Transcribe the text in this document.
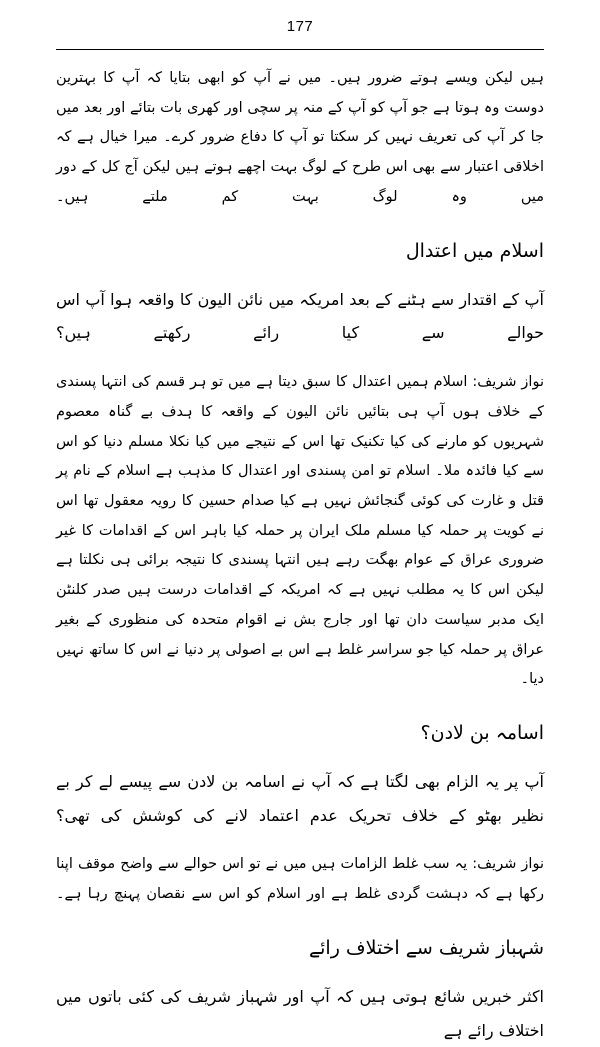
177

ہیں لیکن ویسے ہوتے ضرور ہیں۔ میں نے آپ کو ابھی بتایا کہ آپ کا بہترین دوست وہ ہوتا ہے جو آپ کو آپ کے منہ پر سچی اور کھری بات بتائے اور بعد میں جا کر آپ کی تعریف نہیں کر سکتا تو آپ کا دفاع ضرور کرے۔ میرا خیال ہے کہ اخلاقی اعتبار سے بھی اس طرح کے لوگ بہت اچھے ہوتے ہیں لیکن آج کل کے دور میں وہ لوگ بہت کم ملتے ہیں۔

اسلام میں اعتدال

آپ کے اقتدار سے ہٹنے کے بعد امریکہ میں نائن الیون کا واقعہ ہوا آپ اس حوالے سے کیا رائے رکھتے ہیں؟

نواز شریف: اسلام ہمیں اعتدال کا سبق دیتا ہے میں تو ہر قسم کی انتہا پسندی کے خلاف ہوں آپ ہی بتائیں نائن الیون کے واقعہ کا ہدف بے گناہ معصوم شہریوں کو مارنے کی کیا تکنیک تھا اس کے نتیجے میں کیا نکلا مسلم دنیا کو اس سے کیا فائدہ ملا۔ اسلام تو امن پسندی اور اعتدال کا مذہب ہے اسلام کے نام پر قتل و غارت کی کوئی گنجائش نہیں ہے کیا صدام حسین کا رویہ معقول تھا اس نے کویت پر حملہ کیا مسلم ملک ایران پر حملہ کیا باہر اس کے اقدامات کا غیر ضروری عراق کے عوام بھگت رہے ہیں انتہا پسندی کا نتیجہ برائی ہی نکلتا ہے لیکن اس کا یہ مطلب نہیں ہے کہ امریکہ کے اقدامات درست ہیں صدر کلنٹن ایک مدبر سیاست دان تھا اور جارج بش نے اقوام متحدہ کی منظوری کے بغیر عراق پر حملہ کیا جو سراسر غلط ہے اس بے اصولی پر دنیا نے اس کا ساتھ نہیں دیا۔

اسامہ بن لادن؟

آپ پر یہ الزام بھی لگتا ہے کہ آپ نے اسامہ بن لادن سے پیسے لے کر بے نظیر بھٹو کے خلاف تحریک عدم اعتماد لانے کی کوشش کی تھی؟

نواز شریف: یہ سب غلط الزامات ہیں میں نے تو اس حوالے سے واضح موقف اپنا رکھا ہے کہ دہشت گردی غلط ہے اور اسلام کو اس سے نقصان پہنچ رہا ہے۔

شہباز شریف سے اختلاف رائے

اکثر خبریں شائع ہوتی ہیں کہ آپ اور شہباز شریف کی کئی باتوں میں اختلاف رائے ہے
